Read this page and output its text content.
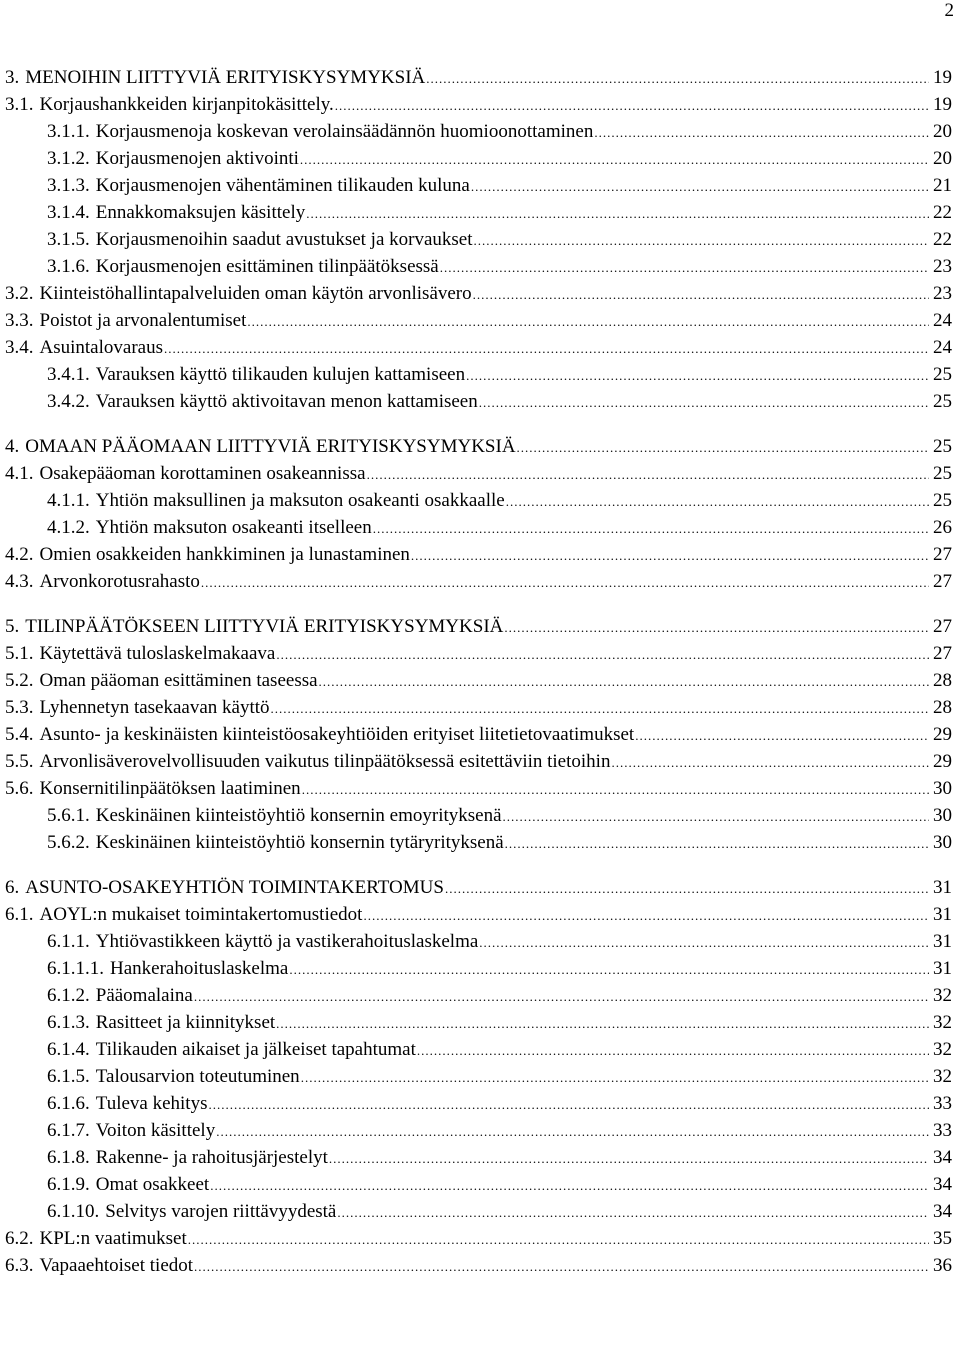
2
3. MENOIHIN LIITTYVIÄ ERITYISKYSYMYKSIÄ .....	19
3.1. Korjaushankkeiden kirjanpitokäsittely. .....	19
3.1.1. Korjausmenoja koskevan verolainsäädännön huomioonottaminen .....	20
3.1.2. Korjausmenojen aktivointi .....	20
3.1.3. Korjausmenojen vähentäminen tilikauden kuluna .....	21
3.1.4. Ennakkomaksujen käsittely .....	22
3.1.5. Korjausmenoihin saadut avustukset ja korvaukset .....	22
3.1.6. Korjausmenojen esittäminen tilinpäätöksessä .....	23
3.2. Kiinteistöhallintapalveluiden oman käytön arvonlisävero .....	23
3.3. Poistot ja arvonalentumiset .....	24
3.4. Asuintalovaraus .....	24
3.4.1. Varauksen käyttö tilikauden kulujen kattamiseen .....	25
3.4.2. Varauksen käyttö aktivoitavan menon kattamiseen .....	25
4. OMAAN PÄÄOMAAN LIITTYVIÄ ERITYISKYSYMYKSIÄ .....	25
4.1. Osakepääoman korottaminen osakeannissa .....	25
4.1.1. Yhtiön maksullinen ja maksuton osakeanti osakkaalle .....	25
4.1.2. Yhtiön maksuton osakeanti itselleen .....	26
4.2. Omien osakkeiden hankkiminen ja lunastaminen .....	27
4.3. Arvonkorotusrahasto .....	27
5. TILINPÄÄTÖKSEEN LIITTYVIÄ ERITYISKYSYMYKSIÄ .....	27
5.1. Käytettävä tuloslaskelmakaava .....	27
5.2. Oman pääoman esittäminen taseessa .....	28
5.3. Lyhennetyn tasekaavan käyttö .....	28
5.4. Asunto- ja keskinäisten kiinteistöosakeyhtiöiden erityiset liitetietovaatimukset .....	29
5.5. Arvonlisäverovelvollisuuden vaikutus tilinpäätöksessä esitettäviin tietoihin .....	29
5.6. Konsernitilinpäätöksen laatiminen .....	30
5.6.1. Keskinäinen kiinteistöyhtiö konsernin emoyrityksenä .....	30
5.6.2. Keskinäinen kiinteistöyhtiö konsernin tytäryrityksenä .....	30
6. ASUNTO-OSAKEYHTIÖN TOIMINTAKERTOMUS .....	31
6.1. AOYL:n mukaiset toimintakertomustiedot .....	31
6.1.1. Yhtiövastikkeen käyttö ja vastikerahoituslaskelma .....	31
6.1.1.1. Hankerahoituslaskelma .....	31
6.1.2. Pääomalaina .....	32
6.1.3. Rasitteet ja kiinnitykset .....	32
6.1.4. Tilikauden aikaiset ja jälkeiset tapahtumat .....	32
6.1.5. Talousarvion toteutuminen .....	32
6.1.6. Tuleva kehitys .....	33
6.1.7. Voiton käsittely .....	33
6.1.8. Rakenne- ja rahoitusjärjestelyt .....	34
6.1.9. Omat osakkeet .....	34
6.1.10. Selvitys varojen riittävyydestä .....	34
6.2. KPL:n vaatimukset .....	35
6.3. Vapaaehtoiset tiedot .....	36
